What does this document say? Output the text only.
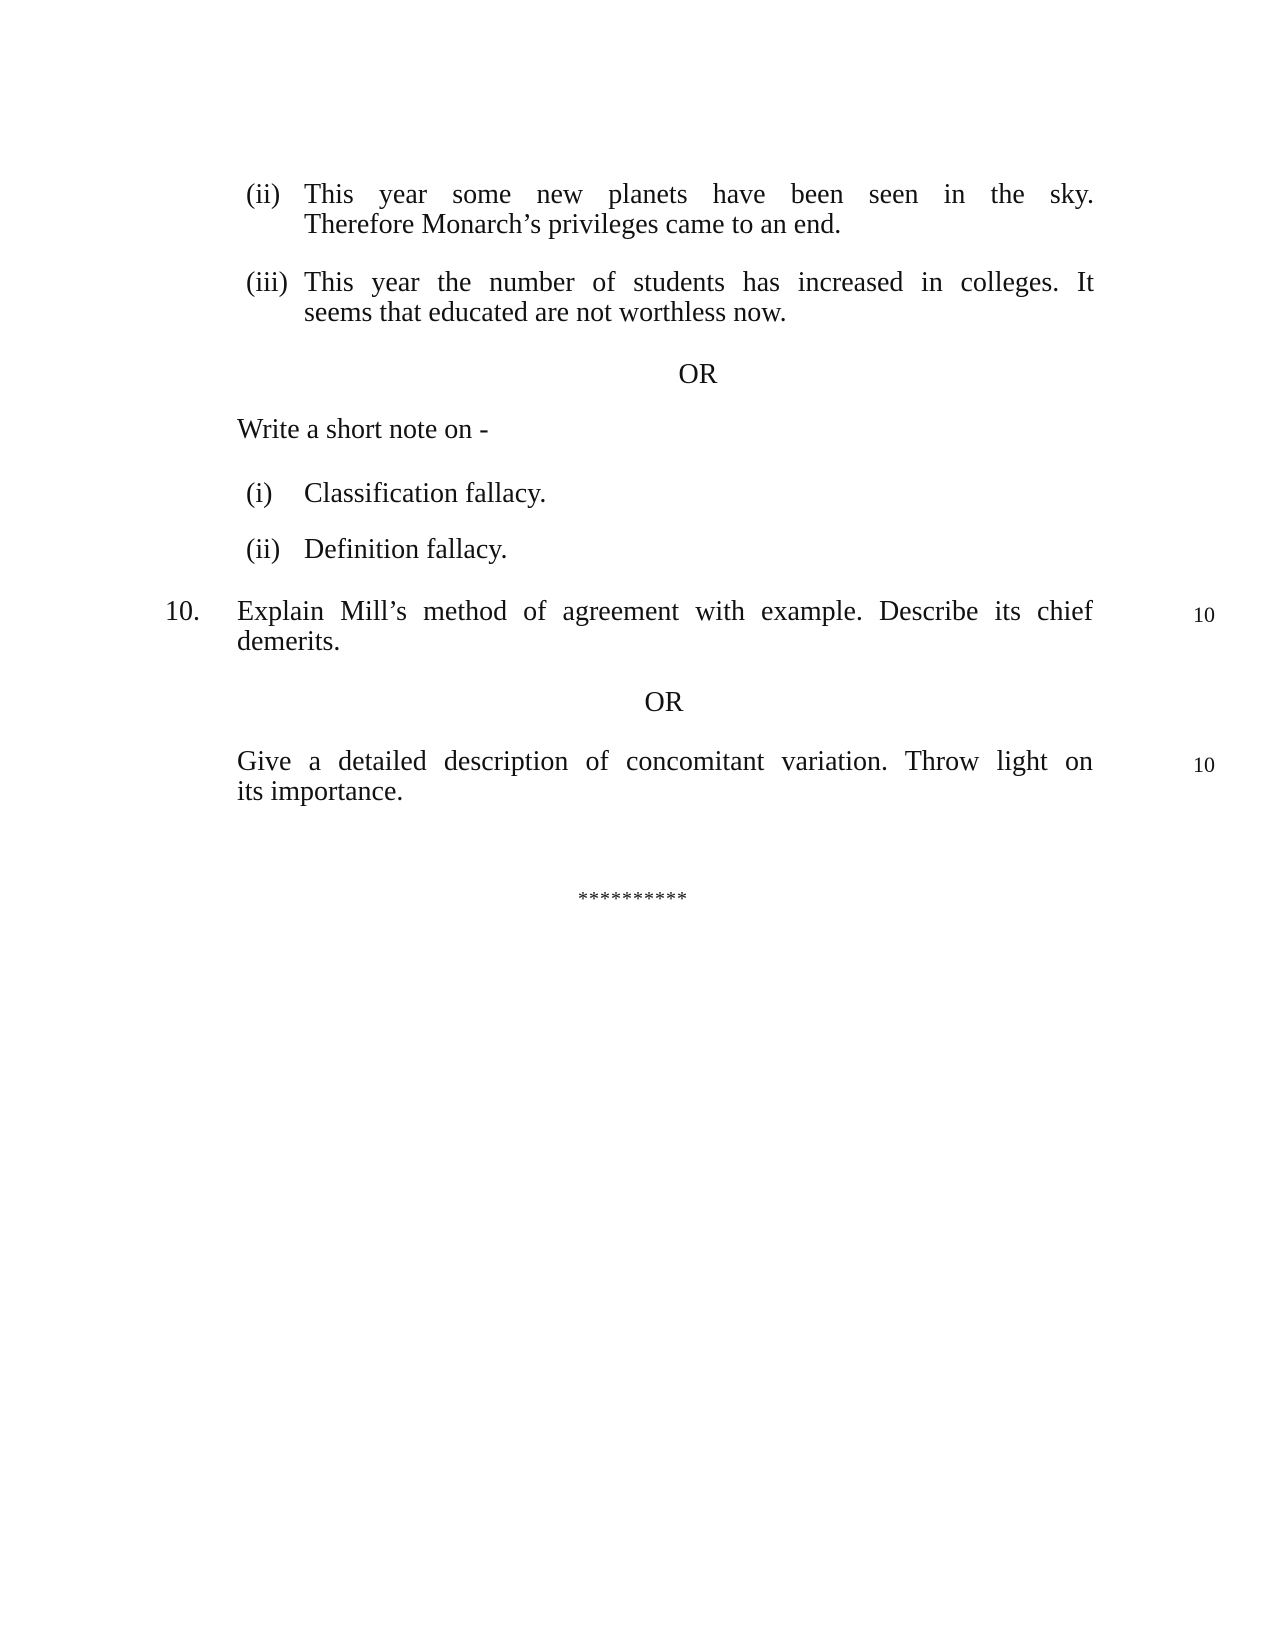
(ii) This year some new planets have been seen in the sky.
Therefore Monarch’s privileges came to an end.
(iii) This year the number of students has increased in colleges. It
seems that educated are not worthless now.
OR
Write a short note on -
(i) Classification fallacy.
(ii) Definition fallacy.
10. Explain Mill’s method of agreement with example. Describe its chief
demerits.
10
OR
Give a detailed description of concomitant variation. Throw light on
its importance.
10
**********
